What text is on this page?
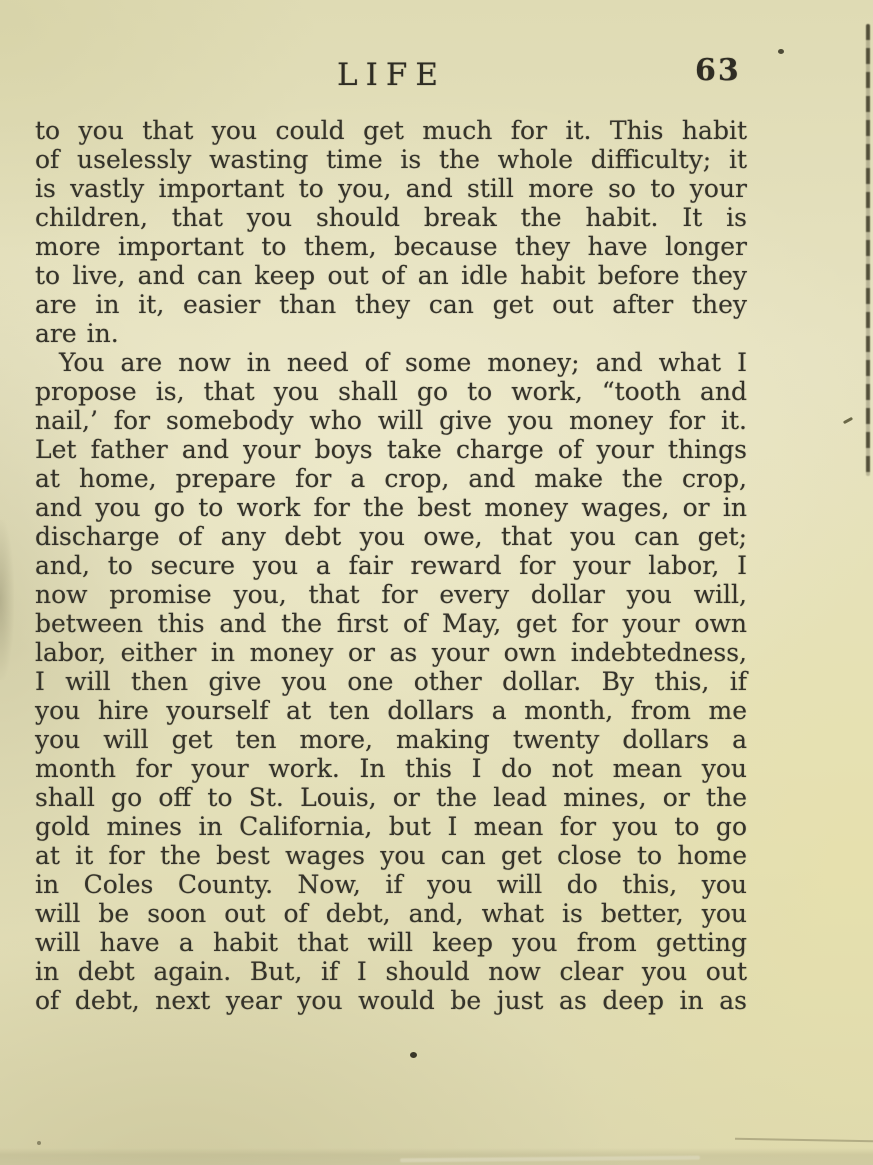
LIFE	63
to you that you could get much for it. This habit
of uselessly wasting time is the whole difficulty; it
is vastly important to you, and still more so to your
children, that you should break the habit. It is
more important to them, because they have longer
to live, and can keep out of an idle habit before they
are in it, easier than they can get out after they
are in.
You are now in need of some money; and what I
propose is, that you shall go to work, “tooth and
nail,’ for somebody who will give you money for it.
Let father and your boys take charge of your things
at home, prepare for a crop, and make the crop,
and you go to work for the best money wages, or in
discharge of any debt you owe, that you can get;
and, to secure you a fair reward for your labor, I
now promise you, that for every dollar you will,
between this and the first of May, get for your own
labor, either in money or as your own indebtedness,
I will then give you one other dollar. By this, if
you hire yourself at ten dollars a month, from me
you will get ten more, making twenty dollars a
month for your work. In this I do not mean you
shall go off to St. Louis, or the lead mines, or the
gold mines in California, but I mean for you to go
at it for the best wages you can get close to home
in Coles County. Now, if you will do this, you
will be soon out of debt, and, what is better, you
will have a habit that will keep you from getting
in debt again. But, if I should now clear you out
of debt, next year you would be just as deep in as
